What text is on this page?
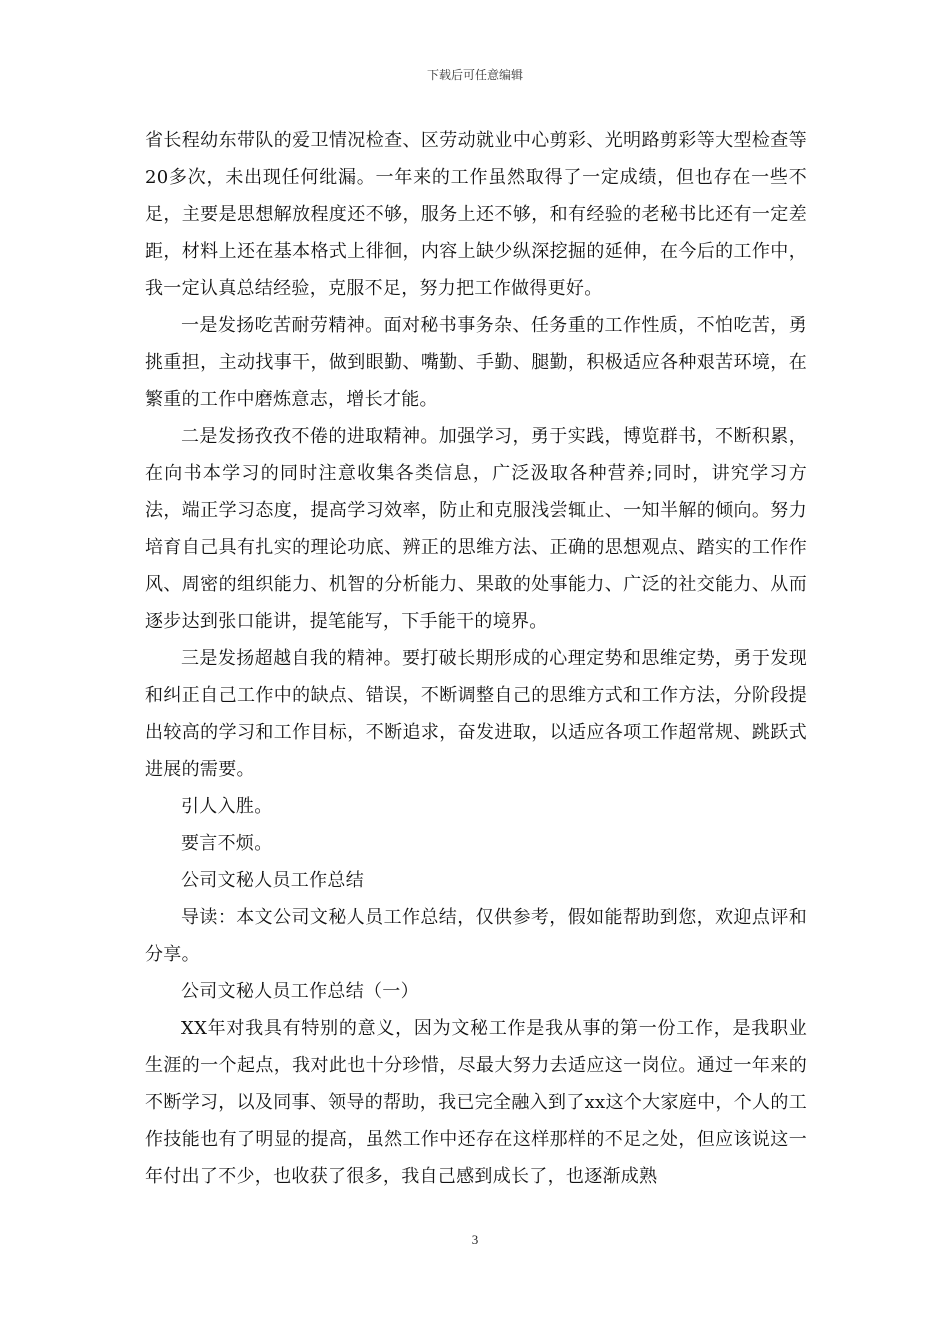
下载后可任意编辑

省长程幼东带队的爱卫情况检查、区劳动就业中心剪彩、光明路剪彩等大型检查等20多次，未出现任何纰漏。一年来的工作虽然取得了一定成绩，但也存在一些不足，主要是思想解放程度还不够，服务上还不够，和有经验的老秘书比还有一定差距，材料上还在基本格式上徘徊，内容上缺少纵深挖掘的延伸，在今后的工作中，我一定认真总结经验，克服不足，努力把工作做得更好。

一是发扬吃苦耐劳精神。面对秘书事务杂、任务重的工作性质，不怕吃苦，勇挑重担，主动找事干，做到眼勤、嘴勤、手勤、腿勤，积极适应各种艰苦环境，在繁重的工作中磨炼意志，增长才能。

二是发扬孜孜不倦的进取精神。加强学习，勇于实践，博览群书，不断积累，在向书本学习的同时注意收集各类信息，广泛汲取各种营养;同时，讲究学习方法，端正学习态度，提高学习效率，防止和克服浅尝辄止、一知半解的倾向。努力培育自己具有扎实的理论功底、辨正的思维方法、正确的思想观点、踏实的工作作风、周密的组织能力、机智的分析能力、果敢的处事能力、广泛的社交能力、从而逐步达到张口能讲，提笔能写，下手能干的境界。

三是发扬超越自我的精神。要打破长期形成的心理定势和思维定势，勇于发现和纠正自己工作中的缺点、错误，不断调整自己的思维方式和工作方法，分阶段提出较高的学习和工作目标，不断追求，奋发进取，以适应各项工作超常规、跳跃式进展的需要。

引人入胜。

要言不烦。

公司文秘人员工作总结

导读：本文公司文秘人员工作总结，仅供参考，假如能帮助到您，欢迎点评和分享。

公司文秘人员工作总结（一）

XX年对我具有特别的意义，因为文秘工作是我从事的第一份工作，是我职业生涯的一个起点，我对此也十分珍惜，尽最大努力去适应这一岗位。通过一年来的不断学习，以及同事、领导的帮助，我已完全融入到了xx这个大家庭中，个人的工作技能也有了明显的提高，虽然工作中还存在这样那样的不足之处，但应该说这一年付出了不少，也收获了很多，我自己感到成长了，也逐渐成熟

3
